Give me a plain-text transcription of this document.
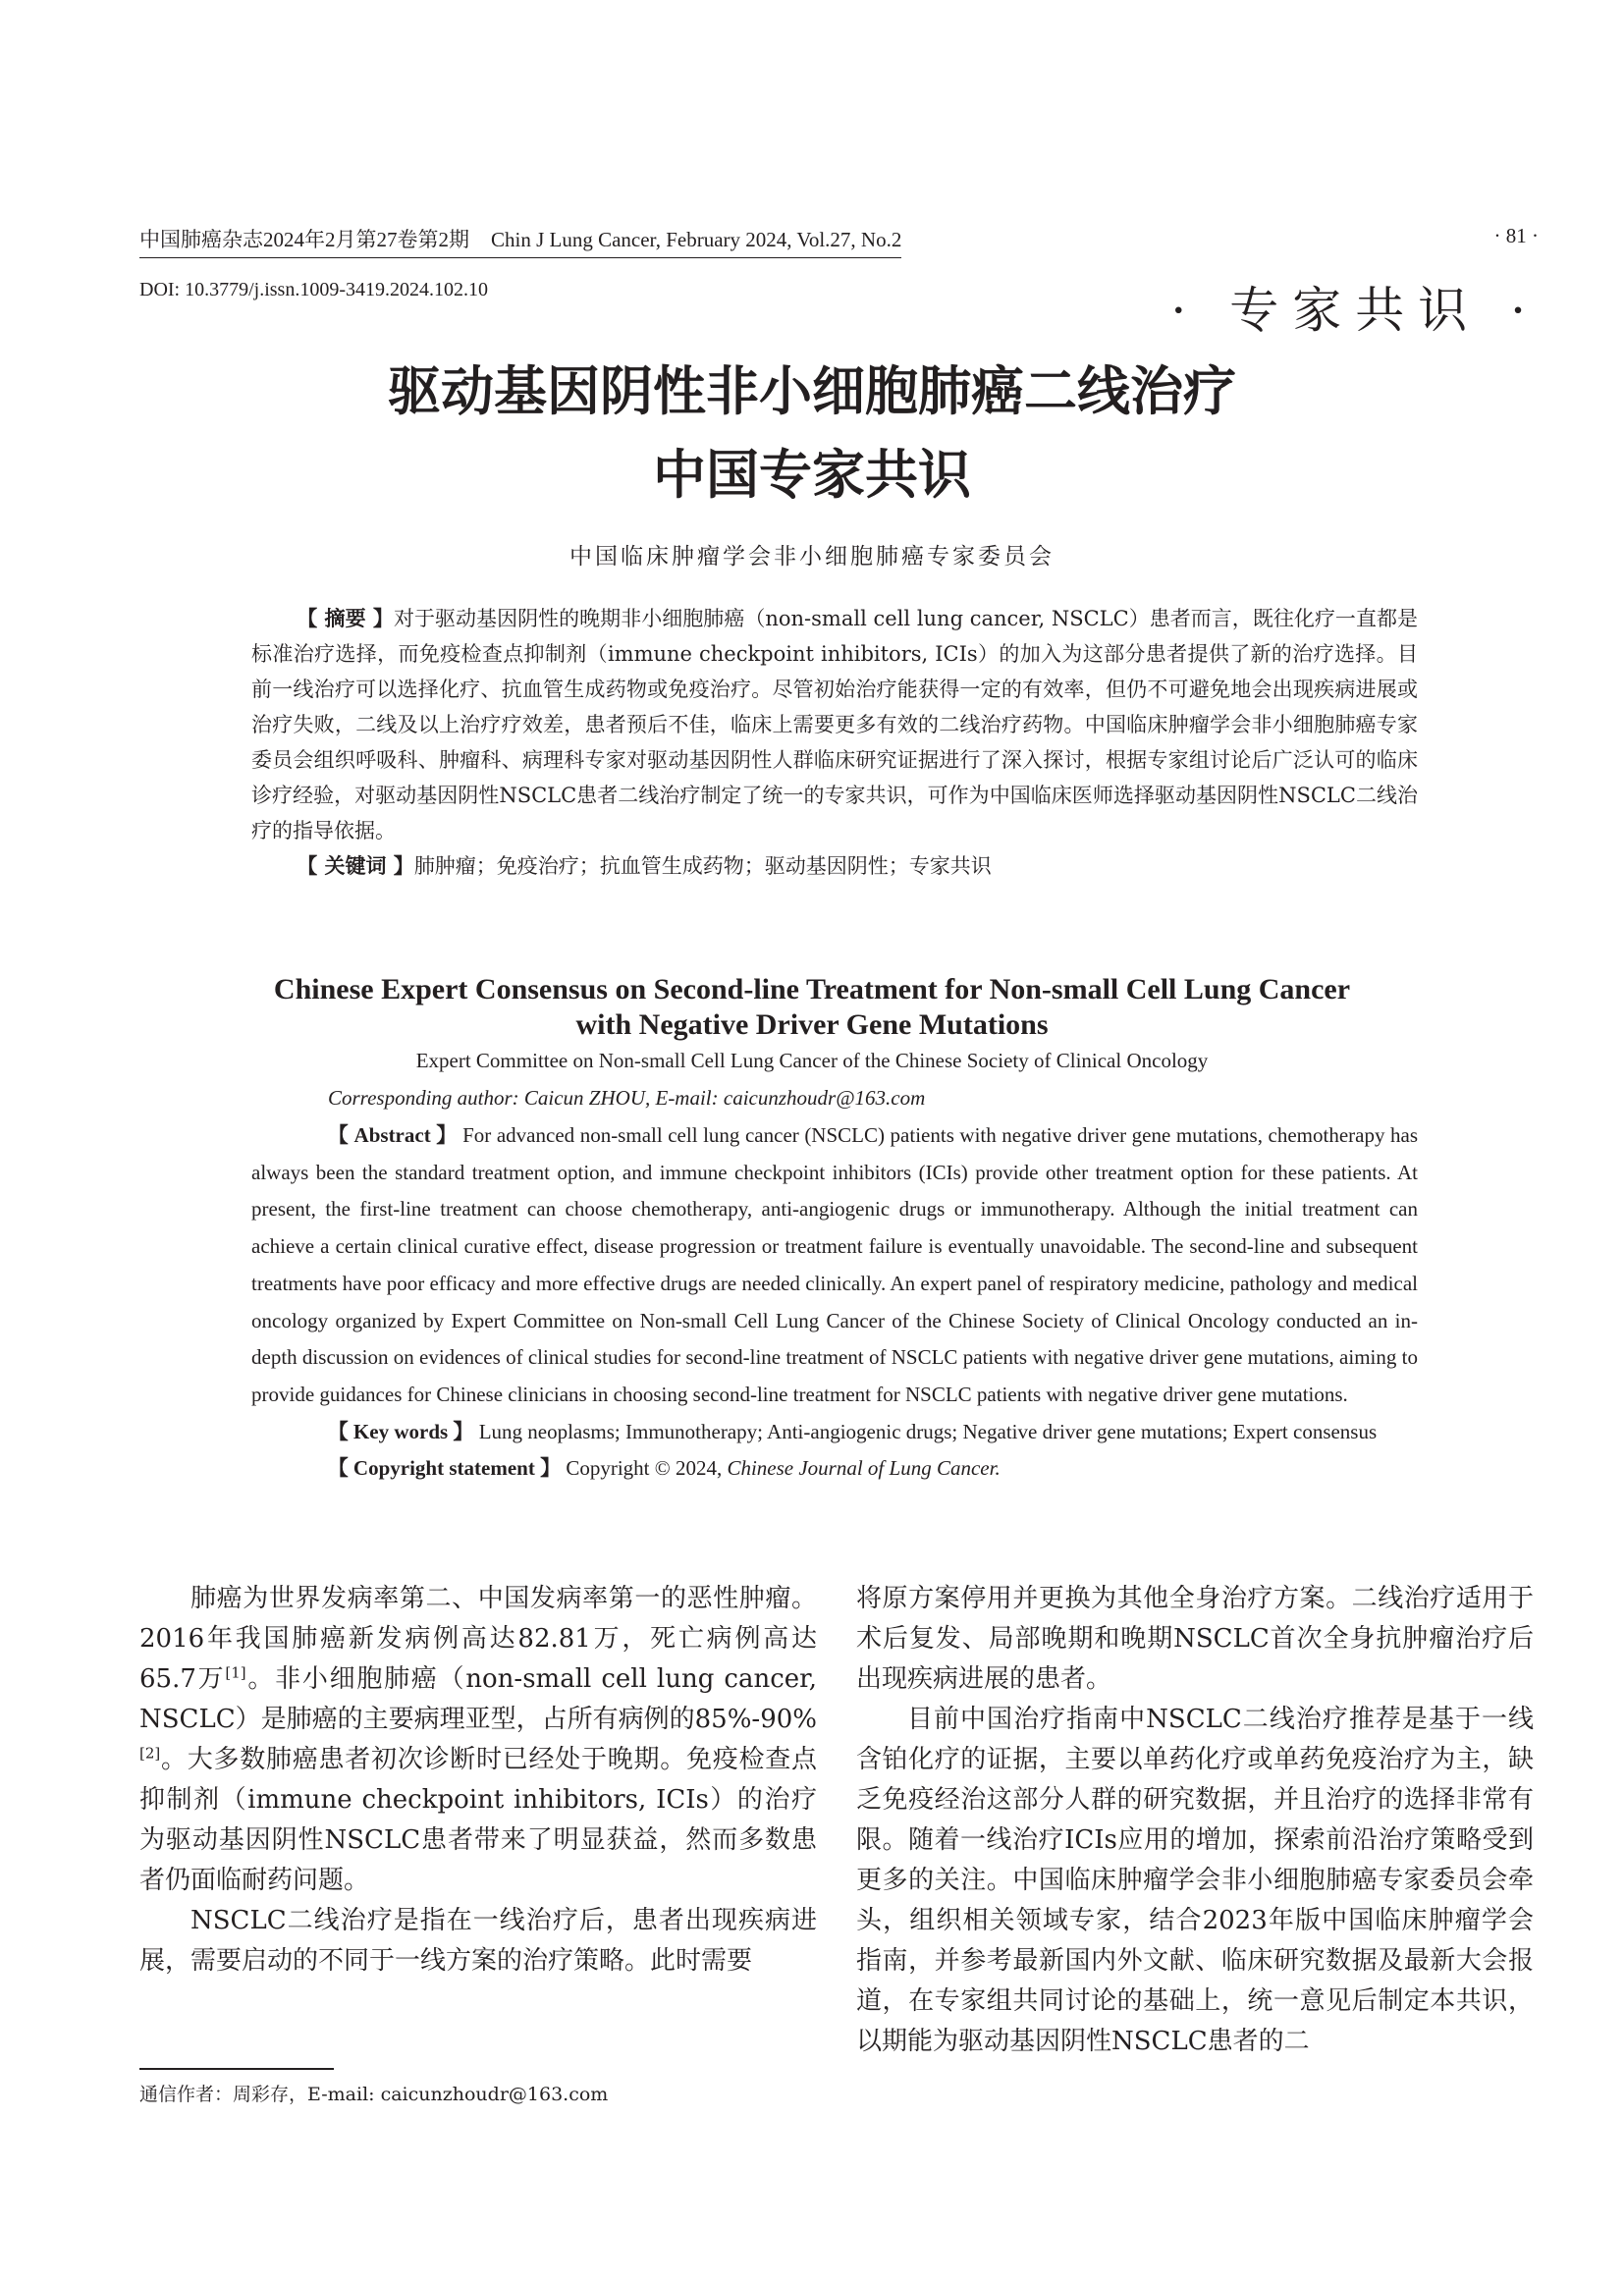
中国肺癌杂志2024年2月第27卷第2期 Chin J Lung Cancer, February 2024, Vol.27, No.2	· 81 ·
DOI: 10.3779/j.issn.1009-3419.2024.102.10	· 专家共识 ·
驱动基因阴性非小细胞肺癌二线治疗
中国专家共识
中国临床肿瘤学会非小细胞肺癌专家委员会

【 摘要 】对于驱动基因阴性的晚期非小细胞肺癌（non-small cell lung cancer, NSCLC）患者而言，既往化疗一直都是标准治疗选择，而免疫检查点抑制剂（immune checkpoint inhibitors, ICIs）的加入为这部分患者提供了新的治疗选择。目前一线治疗可以选择化疗、抗血管生成药物或免疫治疗。尽管初始治疗能获得一定的有效率，但仍不可避免地会出现疾病进展或治疗失败，二线及以上治疗疗效差，患者预后不佳，临床上需要更多有效的二线治疗药物。中国临床肿瘤学会非小细胞肺癌专家委员会组织呼吸科、肿瘤科、病理科专家对驱动基因阴性人群临床研究证据进行了深入探讨，根据专家组讨论后广泛认可的临床诊疗经验，对驱动基因阴性NSCLC患者二线治疗制定了统一的专家共识，可作为中国临床医师选择驱动基因阴性NSCLC二线治疗的指导依据。

【 关键词 】肺肿瘤；免疫治疗；抗血管生成药物；驱动基因阴性；专家共识

Chinese Expert Consensus on Second-line Treatment for Non-small Cell Lung Cancer
with Negative Driver Gene Mutations
Expert Committee on Non-small Cell Lung Cancer of the Chinese Society of Clinical Oncology
Corresponding author: Caicun ZHOU, E-mail: caicunzhoudr@163.com

【 Abstract 】 For advanced non-small cell lung cancer (NSCLC) patients with negative driver gene mutations, chemotherapy has always been the standard treatment option, and immune checkpoint inhibitors (ICIs) provide other treatment option for these patients. At present, the first-line treatment can choose chemotherapy, anti-angiogenic drugs or immunotherapy. Although the initial treatment can achieve a certain clinical curative effect, disease progression or treatment failure is eventually unavoidable. The second-line and subsequent treatments have poor efficacy and more effective drugs are needed clinically. An expert panel of respiratory medicine, pathology and medical oncology organized by Expert Committee on Non-small Cell Lung Cancer of the Chinese Society of Clinical Oncology conducted an in-depth discussion on evidences of clinical studies for second-line treatment of NSCLC patients with negative driver gene mutations, aiming to provide guidances for Chinese clinicians in choosing second-line treatment for NSCLC patients with negative driver gene mutations.

【 Key words 】 Lung neoplasms; Immunotherapy; Anti-angiogenic drugs; Negative driver gene mutations; Expert consensus

【 Copyright statement 】 Copyright © 2024, Chinese Journal of Lung Cancer.

肺癌为世界发病率第二、中国发病率第一的恶性肿瘤。2016年我国肺癌新发病例高达82.81万，死亡病例高达65.7万[1]。非小细胞肺癌（non-small cell lung cancer, NSCLC）是肺癌的主要病理亚型，占所有病例的85%-90%[2]。大多数肺癌患者初次诊断时已经处于晚期。免疫检查点抑制剂（immune checkpoint inhibitors, ICIs）的治疗为驱动基因阴性NSCLC患者带来了明显获益，然而多数患者仍面临耐药问题。

NSCLC二线治疗是指在一线治疗后，患者出现疾病进展，需要启动的不同于一线方案的治疗策略。此时需要

将原方案停用并更换为其他全身治疗方案。二线治疗适用于术后复发、局部晚期和晚期NSCLC首次全身抗肿瘤治疗后出现疾病进展的患者。

目前中国治疗指南中NSCLC二线治疗推荐是基于一线含铂化疗的证据，主要以单药化疗或单药免疫治疗为主，缺乏免疫经治这部分人群的研究数据，并且治疗的选择非常有限。随着一线治疗ICIs应用的增加，探索前沿治疗策略受到更多的关注。中国临床肿瘤学会非小细胞肺癌专家委员会牵头，组织相关领域专家，结合2023年版中国临床肿瘤学会指南，并参考最新国内外文献、临床研究数据及最新大会报道，在专家组共同讨论的基础上，统一意见后制定本共识，以期能为驱动基因阴性NSCLC患者的二

通信作者：周彩存，E-mail: caicunzhoudr@163.com
